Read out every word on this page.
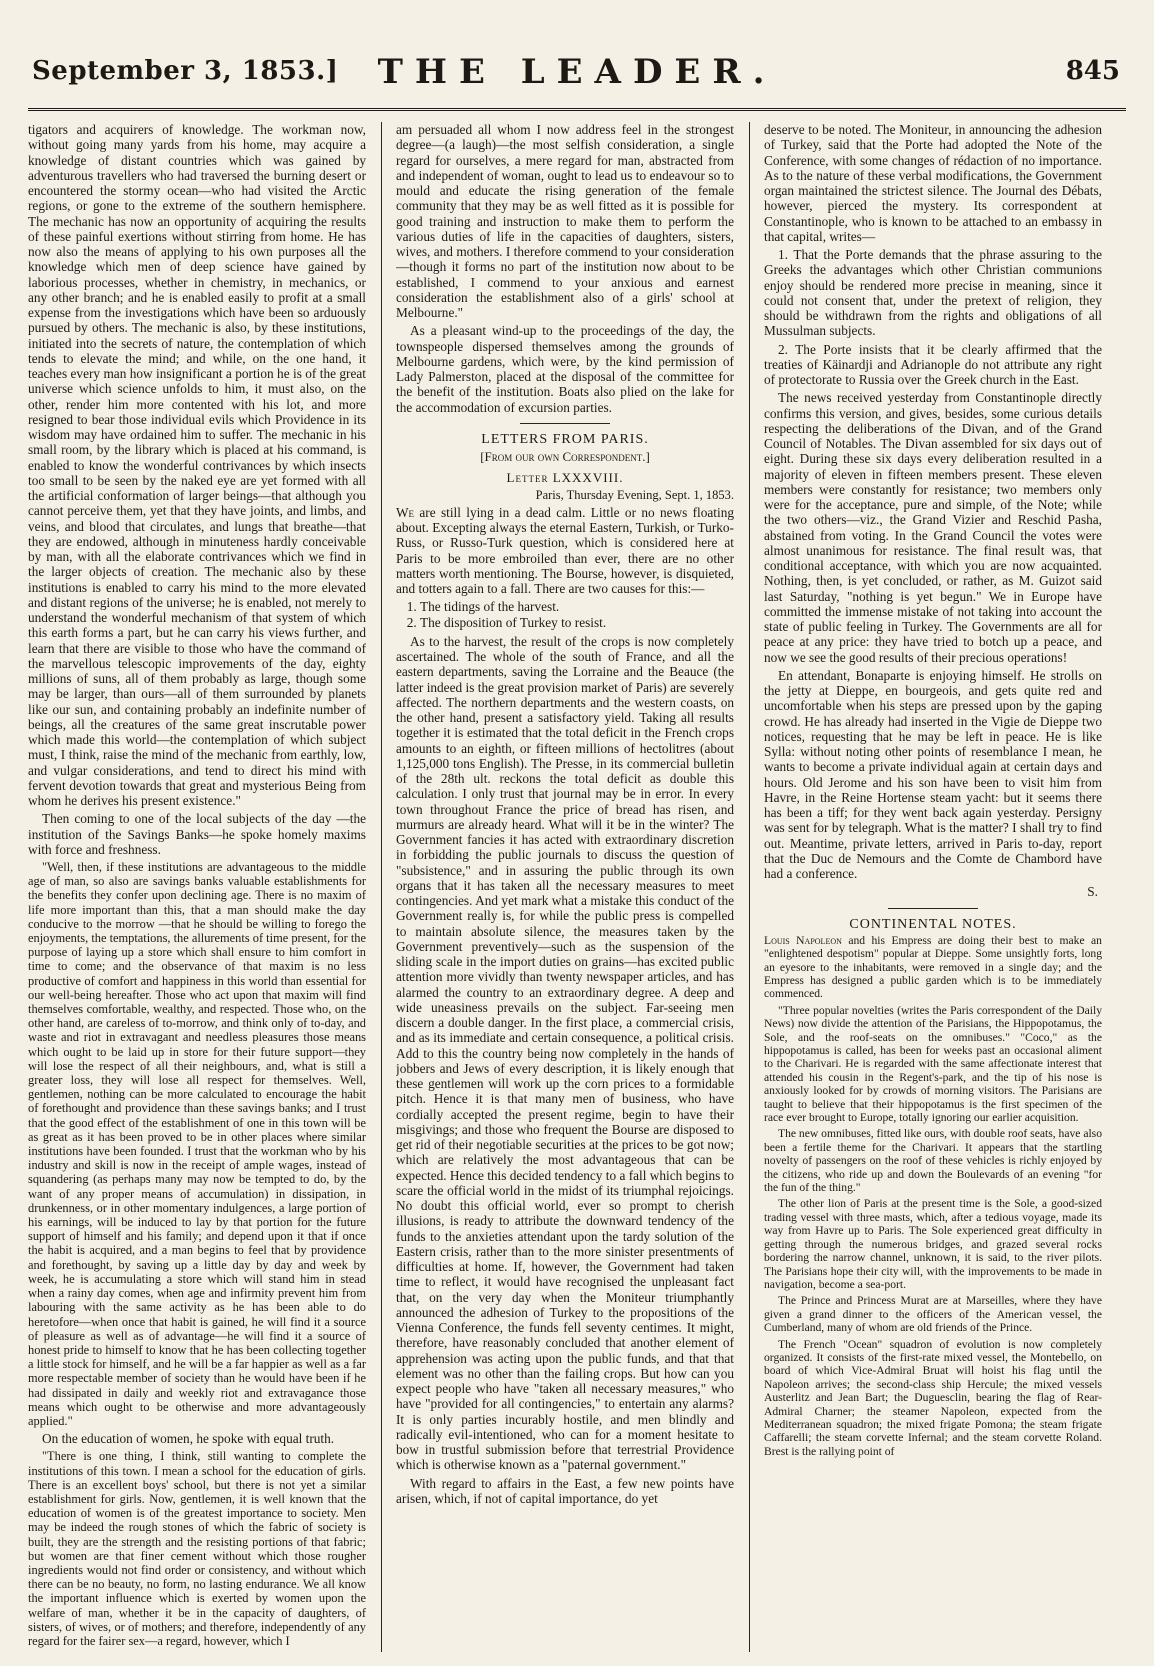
September 3, 1853.]	THE LEADER.	845

tigators and acquirers of knowledge. The workman now, without going many yards from his home, may acquire a knowledge of distant countries which was gained by adventurous travellers who had traversed the burning desert or encountered the stormy ocean—who had visited the Arctic regions, or gone to the extreme of the southern hemisphere. The mechanic has now an opportunity of acquiring the results of these painful exertions without stirring from home. He has now also the means of applying to his own purposes all the knowledge which men of deep science have gained by laborious processes, whether in chemistry, in mechanics, or any other branch; and he is enabled easily to profit at a small expense from the investigations which have been so arduously pursued by others. The mechanic is also, by these institutions, initiated into the secrets of nature, the contemplation of which tends to elevate the mind; and while, on the one hand, it teaches every man how insignificant a portion he is of the great universe which science unfolds to him, it must also, on the other, render him more contented with his lot, and more resigned to bear those individual evils which Providence in its wisdom may have ordained him to suffer. The mechanic in his small room, by the library which is placed at his command, is enabled to know the wonderful contrivances by which insects too small to be seen by the naked eye are yet formed with all the artificial conformation of larger beings—that although you cannot perceive them, yet that they have joints, and limbs, and veins, and blood that circulates, and lungs that breathe—that they are endowed, although in minuteness hardly conceivable by man, with all the elaborate contrivances which we find in the larger objects of creation. The mechanic also by these institutions is enabled to carry his mind to the more elevated and distant regions of the universe; he is enabled, not merely to understand the wonderful mechanism of that system of which this earth forms a part, but he can carry his views further, and learn that there are visible to those who have the command of the marvellous telescopic improvements of the day, eighty millions of suns, all of them probably as large, though some may be larger, than ours—all of them surrounded by planets like our sun, and containing probably an indefinite number of beings, all the creatures of the same great inscrutable power which made this world—the contemplation of which subject must, I think, raise the mind of the mechanic from earthly, low, and vulgar considerations, and tend to direct his mind with fervent devotion towards that great and mysterious Being from whom he derives his present existence."

Then coming to one of the local subjects of the day —the institution of the Savings Banks—he spoke homely maxims with force and freshness.

"Well, then, if these institutions are advantageous to the middle age of man, so also are savings banks valuable establishments for the benefits they confer upon declining age. There is no maxim of life more important than this, that a man should make the day conducive to the morrow —that he should be willing to forego the enjoyments, the temptations, the allurements of time present, for the purpose of laying up a store which shall ensure to him comfort in time to come; and the observance of that maxim is no less productive of comfort and happiness in this world than essential for our well-being hereafter. Those who act upon that maxim will find themselves comfortable, wealthy, and respected. Those who, on the other hand, are careless of to-morrow, and think only of to-day, and waste and riot in extravagant and needless pleasures those means which ought to be laid up in store for their future support—they will lose the respect of all their neighbours, and, what is still a greater loss, they will lose all respect for themselves. Well, gentlemen, nothing can be more calculated to encourage the habit of forethought and providence than these savings banks; and I trust that the good effect of the establishment of one in this town will be as great as it has been proved to be in other places where similar institutions have been founded. I trust that the workman who by his industry and skill is now in the receipt of ample wages, instead of squandering (as perhaps many may now be tempted to do, by the want of any proper means of accumulation) in dissipation, in drunkenness, or in other momentary indulgences, a large portion of his earnings, will be induced to lay by that portion for the future support of himself and his family; and depend upon it that if once the habit is acquired, and a man begins to feel that by providence and forethought, by saving up a little day by day and week by week, he is accumulating a store which will stand him in stead when a rainy day comes, when age and infirmity prevent him from labouring with the same activity as he has been able to do heretofore—when once that habit is gained, he will find it a source of pleasure as well as of advantage—he will find it a source of honest pride to himself to know that he has been collecting together a little stock for himself, and he will be a far happier as well as a far more respectable member of society than he would have been if he had dissipated in daily and weekly riot and extravagance those means which ought to be otherwise and more advantageously applied."

On the education of women, he spoke with equal truth.

"There is one thing, I think, still wanting to complete the institutions of this town. I mean a school for the education of girls. There is an excellent boys' school, but there is not yet a similar establishment for girls. Now, gentlemen, it is well known that the education of women is of the greatest importance to society. Men may be indeed the rough stones of which the fabric of society is built, they are the strength and the resisting portions of that fabric; but women are that finer cement without which those rougher ingredients would not find order or consistency, and without which there can be no beauty, no form, no lasting endurance. We all know the important influence which is exerted by women upon the welfare of man, whether it be in the capacity of daughters, of sisters, of wives, or of mothers; and therefore, independently of any regard for the fairer sex—a regard, however, which I

am persuaded all whom I now address feel in the strongest degree—(a laugh)—the most selfish consideration, a single regard for ourselves, a mere regard for man, abstracted from and independent of woman, ought to lead us to endeavour so to mould and educate the rising generation of the female community that they may be as well fitted as it is possible for good training and instruction to make them to perform the various duties of life in the capacities of daughters, sisters, wives, and mothers. I therefore commend to your consideration—though it forms no part of the institution now about to be established, I commend to your anxious and earnest consideration the establishment also of a girls' school at Melbourne."

As a pleasant wind-up to the proceedings of the day, the townspeople dispersed themselves among the grounds of Melbourne gardens, which were, by the kind permission of Lady Palmerston, placed at the disposal of the committee for the benefit of the institution. Boats also plied on the lake for the accommodation of excursion parties.

LETTERS FROM PARIS.
[From our own Correspondent.]
Letter LXXXVIII.
Paris, Thursday Evening, Sept. 1, 1853.

We are still lying in a dead calm. Little or no news floating about. Excepting always the eternal Eastern, Turkish, or Turko-Russ, or Russo-Turk question, which is considered here at Paris to be more embroiled than ever, there are no other matters worth mentioning. The Bourse, however, is disquieted, and totters again to a fall. There are two causes for this:—

1. The tidings of the harvest.
2. The disposition of Turkey to resist.

As to the harvest, the result of the crops is now completely ascertained. The whole of the south of France, and all the eastern departments, saving the Lorraine and the Beauce (the latter indeed is the great provision market of Paris) are severely affected. The northern departments and the western coasts, on the other hand, present a satisfactory yield. Taking all results together it is estimated that the total deficit in the French crops amounts to an eighth, or fifteen millions of hectolitres (about 1,125,000 tons English). The Presse, in its commercial bulletin of the 28th ult. reckons the total deficit as double this calculation. I only trust that journal may be in error. In every town throughout France the price of bread has risen, and murmurs are already heard. What will it be in the winter? The Government fancies it has acted with extraordinary discretion in forbidding the public journals to discuss the question of "subsistence," and in assuring the public through its own organs that it has taken all the necessary measures to meet contingencies. And yet mark what a mistake this conduct of the Government really is, for while the public press is compelled to maintain absolute silence, the measures taken by the Government preventively—such as the suspension of the sliding scale in the import duties on grains—has excited public attention more vividly than twenty newspaper articles, and has alarmed the country to an extraordinary degree. A deep and wide uneasiness prevails on the subject. Far-seeing men discern a double danger. In the first place, a commercial crisis, and as its immediate and certain consequence, a political crisis. Add to this the country being now completely in the hands of jobbers and Jews of every description, it is likely enough that these gentlemen will work up the corn prices to a formidable pitch. Hence it is that many men of business, who have cordially accepted the present regime, begin to have their misgivings; and those who frequent the Bourse are disposed to get rid of their negotiable securities at the prices to be got now; which are relatively the most advantageous that can be expected. Hence this decided tendency to a fall which begins to scare the official world in the midst of its triumphal rejoicings. No doubt this official world, ever so prompt to cherish illusions, is ready to attribute the downward tendency of the funds to the anxieties attendant upon the tardy solution of the Eastern crisis, rather than to the more sinister presentments of difficulties at home. If, however, the Government had taken time to reflect, it would have recognised the unpleasant fact that, on the very day when the Moniteur triumphantly announced the adhesion of Turkey to the propositions of the Vienna Conference, the funds fell seventy centimes. It might, therefore, have reasonably concluded that another element of apprehension was acting upon the public funds, and that that element was no other than the failing crops. But how can you expect people who have "taken all necessary measures," who have "provided for all contingencies," to entertain any alarms? It is only parties incurably hostile, and men blindly and radically evil-intentioned, who can for a moment hesitate to bow in trustful submission before that terrestrial Providence which is otherwise known as a "paternal government."

With regard to affairs in the East, a few new points have arisen, which, if not of capital importance, do yet

deserve to be noted. The Moniteur, in announcing the adhesion of Turkey, said that the Porte had adopted the Note of the Conference, with some changes of rédaction of no importance. As to the nature of these verbal modifications, the Government organ maintained the strictest silence. The Journal des Débats, however, pierced the mystery. Its correspondent at Constantinople, who is known to be attached to an embassy in that capital, writes—

1. That the Porte demands that the phrase assuring to the Greeks the advantages which other Christian communions enjoy should be rendered more precise in meaning, since it could not consent that, under the pretext of religion, they should be withdrawn from the rights and obligations of all Mussulman subjects.

2. The Porte insists that it be clearly affirmed that the treaties of Käinardji and Adrianople do not attribute any right of protectorate to Russia over the Greek church in the East.

The news received yesterday from Constantinople directly confirms this version, and gives, besides, some curious details respecting the deliberations of the Divan, and of the Grand Council of Notables. The Divan assembled for six days out of eight. During these six days every deliberation resulted in a majority of eleven in fifteen members present. These eleven members were constantly for resistance; two members only were for the acceptance, pure and simple, of the Note; while the two others—viz., the Grand Vizier and Reschid Pasha, abstained from voting. In the Grand Council the votes were almost unanimous for resistance. The final result was, that conditional acceptance, with which you are now acquainted. Nothing, then, is yet concluded, or rather, as M. Guizot said last Saturday, "nothing is yet begun." We in Europe have committed the immense mistake of not taking into account the state of public feeling in Turkey. The Governments are all for peace at any price: they have tried to botch up a peace, and now we see the good results of their precious operations!

En attendant, Bonaparte is enjoying himself. He strolls on the jetty at Dieppe, en bourgeois, and gets quite red and uncomfortable when his steps are pressed upon by the gaping crowd. He has already had inserted in the Vigie de Dieppe two notices, requesting that he may be left in peace. He is like Sylla: without noting other points of resemblance I mean, he wants to become a private individual again at certain days and hours. Old Jerome and his son have been to visit him from Havre, in the Reine Hortense steam yacht: but it seems there has been a tiff; for they went back again yesterday. Persigny was sent for by telegraph. What is the matter? I shall try to find out. Meantime, private letters, arrived in Paris to-day, report that the Duc de Nemours and the Comte de Chambord have had a conference.

S.
CONTINENTAL NOTES.

Louis Napoleon and his Empress are doing their best to make an "enlightened despotism" popular at Dieppe. Some unsightly forts, long an eyesore to the inhabitants, were removed in a single day; and the Empress has designed a public garden which is to be immediately commenced.

"Three popular novelties (writes the Paris correspondent of the Daily News) now divide the attention of the Parisians, the Hippopotamus, the Sole, and the roof-seats on the omnibuses." "Coco," as the hippopotamus is called, has been for weeks past an occasional aliment to the Charivari. He is regarded with the same affectionate interest that attended his cousin in the Regent's-park, and the tip of his nose is anxiously looked for by crowds of morning visitors. The Parisians are taught to believe that their hippopotamus is the first specimen of the race ever brought to Europe, totally ignoring our earlier acquisition.

The new omnibuses, fitted like ours, with double roof seats, have also been a fertile theme for the Charivari. It appears that the startling novelty of passengers on the roof of these vehicles is richly enjoyed by the citizens, who ride up and down the Boulevards of an evening "for the fun of the thing."

The other lion of Paris at the present time is the Sole, a good-sized trading vessel with three masts, which, after a tedious voyage, made its way from Havre up to Paris. The Sole experienced great difficulty in getting through the numerous bridges, and grazed several rocks bordering the narrow channel, unknown, it is said, to the river pilots. The Parisians hope their city will, with the improvements to be made in navigation, become a sea-port.

The Prince and Princess Murat are at Marseilles, where they have given a grand dinner to the officers of the American vessel, the Cumberland, many of whom are old friends of the Prince.

The French "Ocean" squadron of evolution is now completely organized. It consists of the first-rate mixed vessel, the Montebello, on board of which Vice-Admiral Bruat will hoist his flag until the Napoleon arrives; the second-class ship Hercule; the mixed vessels Austerlitz and Jean Bart; the Duguesclin, bearing the flag of Rear-Admiral Charner; the steamer Napoleon, expected from the Mediterranean squadron; the mixed frigate Pomona; the steam frigate Caffarelli; the steam corvette Infernal; and the steam corvette Roland. Brest is the rallying point of
